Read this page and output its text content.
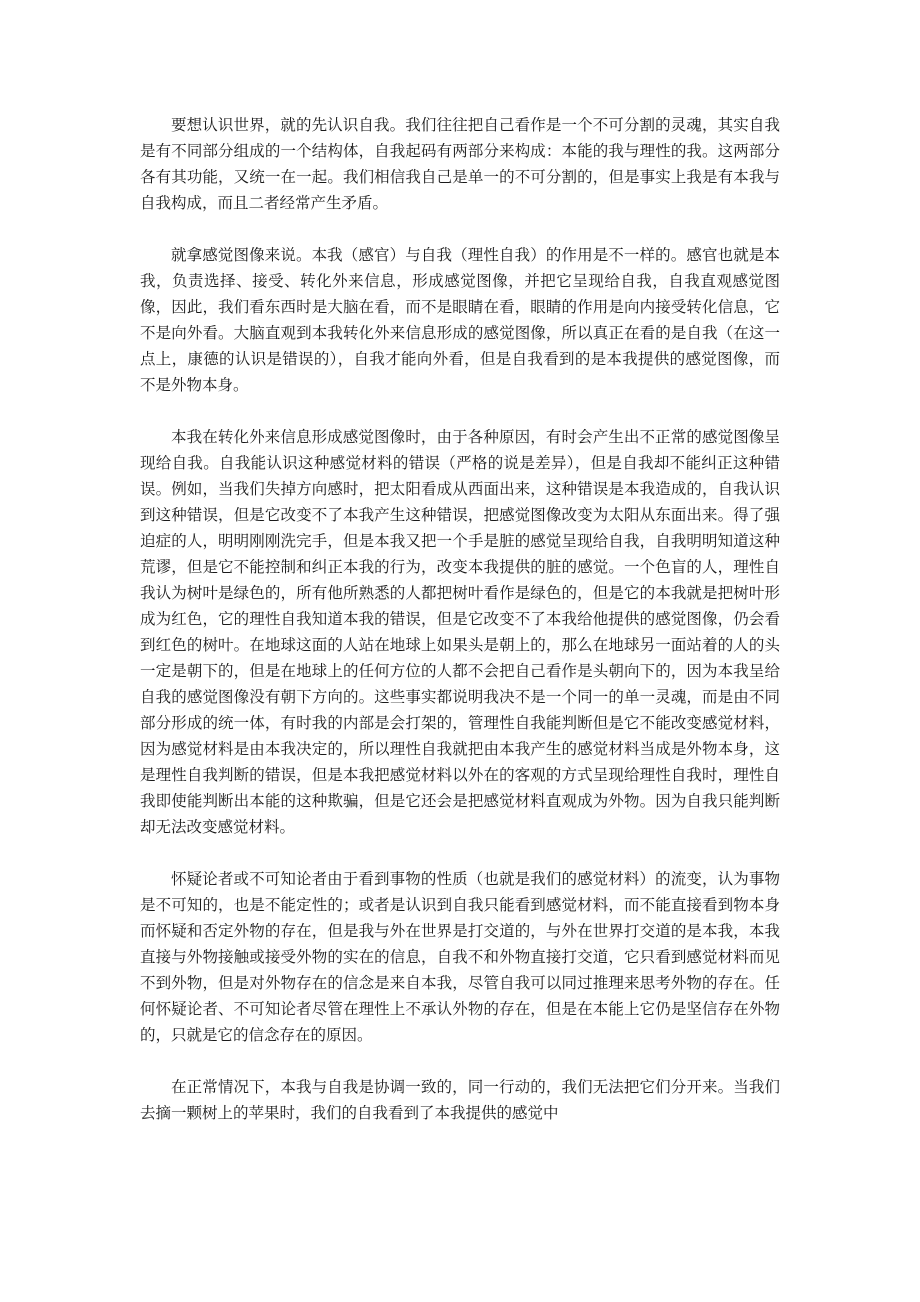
要想认识世界，就的先认识自我。我们往往把自己看作是一个不可分割的灵魂，其实自我是有不同部分组成的一个结构体，自我起码有两部分来构成：本能的我与理性的我。这两部分各有其功能，又统一在一起。我们相信我自己是单一的不可分割的，但是事实上我是有本我与自我构成，而且二者经常产生矛盾。

就拿感觉图像来说。本我（感官）与自我（理性自我）的作用是不一样的。感官也就是本我，负责选择、接受、转化外来信息，形成感觉图像，并把它呈现给自我，自我直观感觉图像，因此，我们看东西时是大脑在看，而不是眼睛在看，眼睛的作用是向内接受转化信息，它不是向外看。大脑直观到本我转化外来信息形成的感觉图像，所以真正在看的是自我（在这一点上，康德的认识是错误的），自我才能向外看，但是自我看到的是本我提供的感觉图像，而不是外物本身。

本我在转化外来信息形成感觉图像时，由于各种原因，有时会产生出不正常的感觉图像呈现给自我。自我能认识这种感觉材料的错误（严格的说是差异），但是自我却不能纠正这种错误。例如，当我们失掉方向感时，把太阳看成从西面出来，这种错误是本我造成的，自我认识到这种错误，但是它改变不了本我产生这种错误，把感觉图像改变为太阳从东面出来。得了强迫症的人，明明刚刚洗完手，但是本我又把一个手是脏的感觉呈现给自我，自我明明知道这种荒谬，但是它不能控制和纠正本我的行为，改变本我提供的脏的感觉。一个色盲的人，理性自我认为树叶是绿色的，所有他所熟悉的人都把树叶看作是绿色的，但是它的本我就是把树叶形成为红色，它的理性自我知道本我的错误，但是它改变不了本我给他提供的感觉图像，仍会看到红色的树叶。在地球这面的人站在地球上如果头是朝上的，那么在地球另一面站着的人的头一定是朝下的，但是在地球上的任何方位的人都不会把自己看作是头朝向下的，因为本我呈给自我的感觉图像没有朝下方向的。这些事实都说明我决不是一个同一的单一灵魂，而是由不同部分形成的统一体，有时我的内部是会打架的，管理性自我能判断但是它不能改变感觉材料，因为感觉材料是由本我决定的，所以理性自我就把由本我产生的感觉材料当成是外物本身，这是理性自我判断的错误，但是本我把感觉材料以外在的客观的方式呈现给理性自我时，理性自我即使能判断出本能的这种欺骗，但是它还会是把感觉材料直观成为外物。因为自我只能判断却无法改变感觉材料。

怀疑论者或不可知论者由于看到事物的性质（也就是我们的感觉材料）的流变，认为事物是不可知的，也是不能定性的；或者是认识到自我只能看到感觉材料，而不能直接看到物本身而怀疑和否定外物的存在，但是我与外在世界是打交道的，与外在世界打交道的是本我，本我直接与外物接触或接受外物的实在的信息，自我不和外物直接打交道，它只看到感觉材料而见不到外物，但是对外物存在的信念是来自本我，尽管自我可以同过推理来思考外物的存在。任何怀疑论者、不可知论者尽管在理性上不承认外物的存在，但是在本能上它仍是坚信存在外物的，只就是它的信念存在的原因。

在正常情况下，本我与自我是协调一致的，同一行动的，我们无法把它们分开来。当我们去摘一颗树上的苹果时，我们的自我看到了本我提供的感觉中
